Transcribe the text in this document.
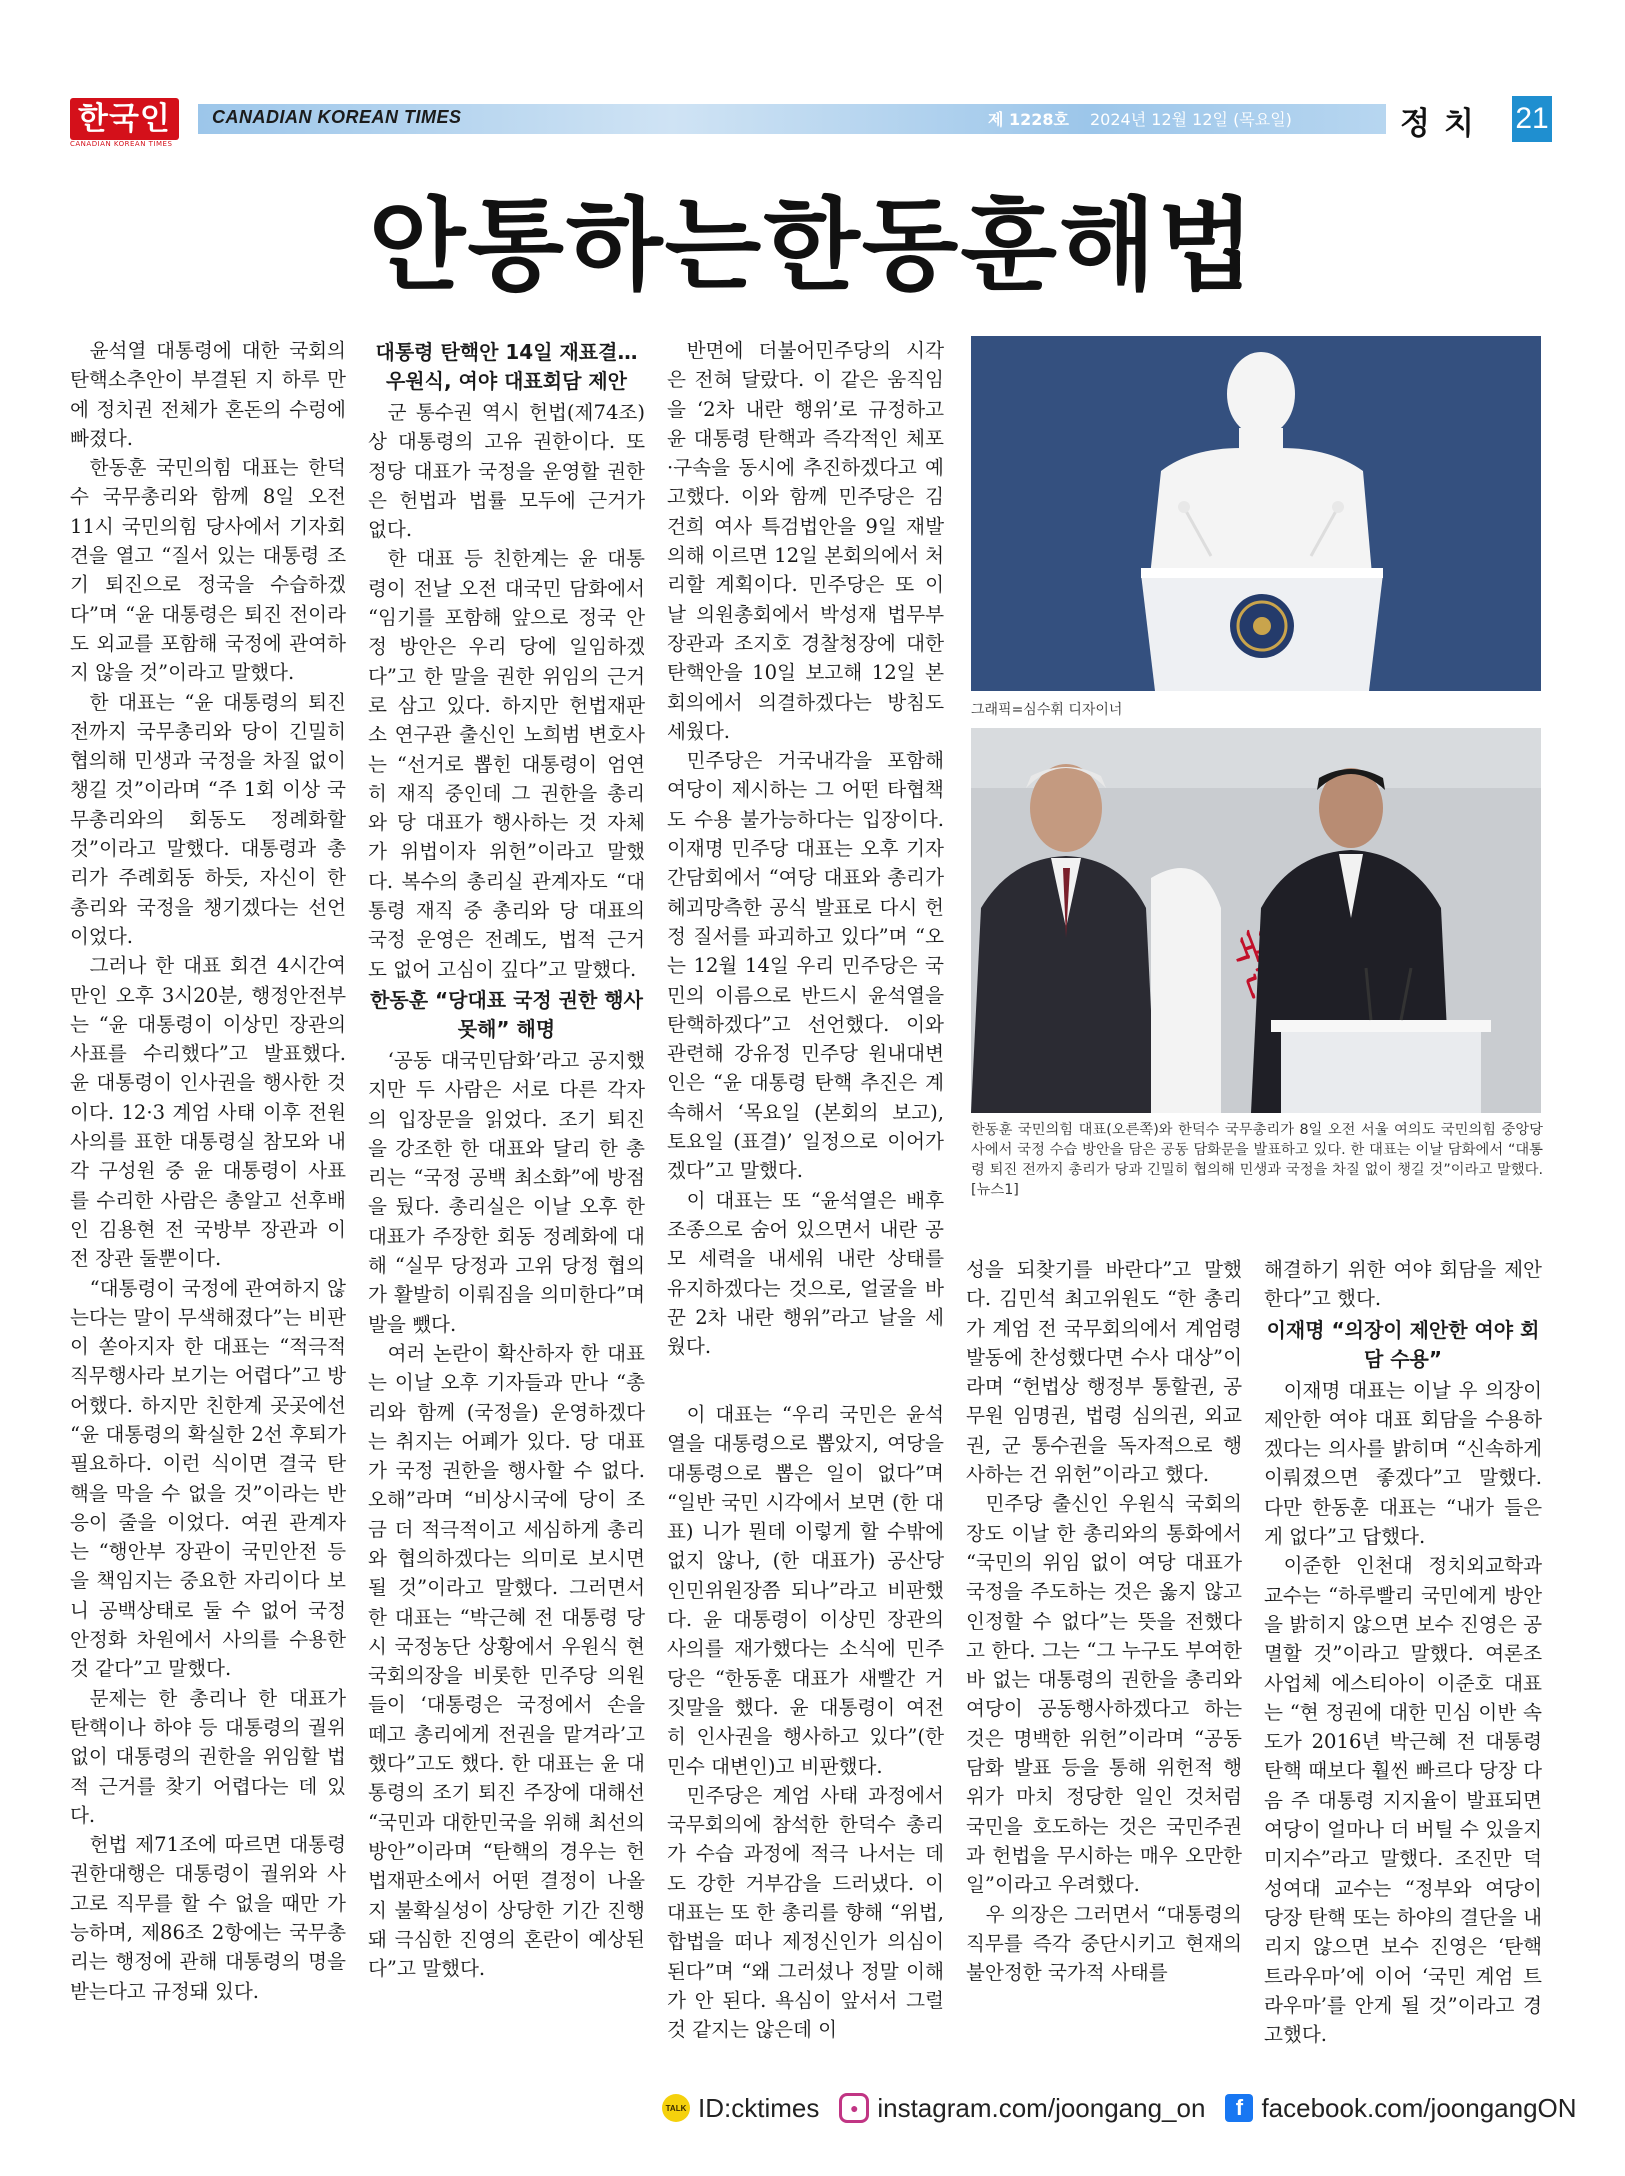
한국인
CANADIAN KOREAN TIMES
CANADIAN KOREAN TIMES	제 1228호 2024년 12월 12일 (목요일)	정치 21
안통하는한동훈해법

윤석열 대통령에 대한 국회의 탄핵소추안이 부결된 지 하루 만에 정치권 전체가 혼돈의 수렁에 빠졌다.

한동훈 국민의힘 대표는 한덕수 국무총리와 함께 8일 오전 11시 국민의힘 당사에서 기자회견을 열고 “질서 있는 대통령 조기 퇴진으로 정국을 수습하겠다”며 “윤 대통령은 퇴진 전이라도 외교를 포함해 국정에 관여하지 않을 것”이라고 말했다.

한 대표는 “윤 대통령의 퇴진 전까지 국무총리와 당이 긴밀히 협의해 민생과 국정을 차질 없이 챙길 것”이라며 “주 1회 이상 국무총리와의 회동도 정례화할 것”이라고 말했다. 대통령과 총리가 주례회동 하듯, 자신이 한 총리와 국정을 챙기겠다는 선언이었다.

그러나 한 대표 회견 4시간여 만인 오후 3시20분, 행정안전부는 “윤 대통령이 이상민 장관의 사표를 수리했다”고 발표했다. 윤 대통령이 인사권을 행사한 것이다. 12·3 계엄 사태 이후 전원 사의를 표한 대통령실 참모와 내각 구성원 중 윤 대통령이 사표를 수리한 사람은 총알고 선후배인 김용현 전 국방부 장관과 이 전 장관 둘뿐이다.

“대통령이 국정에 관여하지 않는다는 말이 무색해졌다”는 비판이 쏟아지자 한 대표는 “적극적 직무행사라 보기는 어렵다”고 방어했다. 하지만 친한계 곳곳에선 “윤 대통령의 확실한 2선 후퇴가 필요하다. 이런 식이면 결국 탄핵을 막을 수 없을 것”이라는 반응이 줄을 이었다. 여권 관계자는 “행안부 장관이 국민안전 등을 책임지는 중요한 자리이다 보니 공백상태로 둘 수 없어 국정안정화 차원에서 사의를 수용한 것 같다”고 말했다.

문제는 한 총리나 한 대표가 탄핵이나 하야 등 대통령의 궐위 없이 대통령의 권한을 위임할 법적 근거를 찾기 어렵다는 데 있다.

헌법 제71조에 따르면 대통령 권한대행은 대통령이 궐위와 사고로 직무를 할 수 없을 때만 가능하며, 제86조 2항에는 국무총리는 행정에 관해 대통령의 명을 받는다고 규정돼 있다.

대통령 탄핵안 14일 재표결… 우원식, 여야 대표회담 제안

군 통수권 역시 헌법(제74조)상 대통령의 고유 권한이다. 또 정당 대표가 국정을 운영할 권한은 헌법과 법률 모두에 근거가 없다.

한 대표 등 친한계는 윤 대통령이 전날 오전 대국민 담화에서 “임기를 포함해 앞으로 정국 안정 방안은 우리 당에 일임하겠다”고 한 말을 권한 위임의 근거로 삼고 있다. 하지만 헌법재판소 연구관 출신인 노희범 변호사는 “선거로 뽑힌 대통령이 엄연히 재직 중인데 그 권한을 총리와 당 대표가 행사하는 것 자체가 위법이자 위헌”이라고 말했다. 복수의 총리실 관계자도 “대통령 재직 중 총리와 당 대표의 국정 운영은 전례도, 법적 근거도 없어 고심이 깊다”고 말했다.

한동훈 “당대표 국정 권한 행사못해” 해명

‘공동 대국민담화’라고 공지했지만 두 사람은 서로 다른 각자의 입장문을 읽었다. 조기 퇴진을 강조한 한 대표와 달리 한 총리는 “국정 공백 최소화”에 방점을 뒀다. 총리실은 이날 오후 한 대표가 주장한 회동 정례화에 대해 “실무 당정과 고위 당정 협의가 활발히 이뤄짐을 의미한다”며 발을 뺐다.

여러 논란이 확산하자 한 대표는 이날 오후 기자들과 만나 “총리와 함께 (국정을) 운영하겠다는 취지는 어폐가 있다. 당 대표가 국정 권한을 행사할 수 없다. 오해”라며 “비상시국에 당이 조금 더 적극적이고 세심하게 총리와 협의하겠다는 의미로 보시면 될 것”이라고 말했다. 그러면서 한 대표는 “박근혜 전 대통령 당시 국정농단 상황에서 우원식 현 국회의장을 비롯한 민주당 의원들이 ‘대통령은 국정에서 손을 떼고 총리에게 전권을 맡겨라’고 했다”고도 했다. 한 대표는 윤 대통령의 조기 퇴진 주장에 대해선 “국민과 대한민국을 위해 최선의 방안”이라며 “탄핵의 경우는 헌법재판소에서 어떤 결정이 나올지 불확실성이 상당한 기간 진행돼 극심한 진영의 혼란이 예상된다”고 말했다.

반면에 더불어민주당의 시각은 전혀 달랐다. 이 같은 움직임을 ‘2차 내란 행위’로 규정하고 윤 대통령 탄핵과 즉각적인 체포·구속을 동시에 추진하겠다고 예고했다. 이와 함께 민주당은 김건희 여사 특검법안을 9일 재발의해 이르면 12일 본회의에서 처리할 계획이다. 민주당은 또 이날 의원총회에서 박성재 법무부 장관과 조지호 경찰청장에 대한 탄핵안을 10일 보고해 12일 본회의에서 의결하겠다는 방침도 세웠다.

민주당은 거국내각을 포함해 여당이 제시하는 그 어떤 타협책도 수용 불가능하다는 입장이다. 이재명 민주당 대표는 오후 기자간담회에서 “여당 대표와 총리가 헤괴망측한 공식 발표로 다시 헌정 질서를 파괴하고 있다”며 “오는 12월 14일 우리 민주당은 국민의 이름으로 반드시 윤석열을 탄핵하겠다”고 선언했다. 이와 관련해 강유정 민주당 원내대변인은 “윤 대통령 탄핵 추진은 계속해서 ‘목요일 (본회의 보고), 토요일 (표결)’ 일정으로 이어가겠다”고 말했다.

이 대표는 또 “윤석열은 배후 조종으로 숨어 있으면서 내란 공모 세력을 내세워 내란 상태를 유지하겠다는 것으로, 얼굴을 바꾼 2차 내란 행위”라고 날을 세웠다.

이 대표는 “우리 국민은 윤석열을 대통령으로 뽑았지, 여당을 대통령으로 뽑은 일이 없다”며 “일반 국민 시각에서 보면 (한 대표) 니가 뭔데 이렇게 할 수밖에 없지 않나, (한 대표가) 공산당 인민위원장쯤 되나”라고 비판했다. 윤 대통령이 이상민 장관의 사의를 재가했다는 소식에 민주당은 “한동훈 대표가 새빨간 거짓말을 했다. 윤 대통령이 여전히 인사권을 행사하고 있다”(한민수 대변인)고 비판했다.

민주당은 계엄 사태 과정에서 국무회의에 참석한 한덕수 총리가 수습 과정에 적극 나서는 데도 강한 거부감을 드러냈다. 이 대표는 또 한 총리를 향해 “위법, 합법을 떠나 제정신인가 의심이 된다”며 “왜 그러셨나 정말 이해가 안 된다. 욕심이 앞서서 그럴 것 같지는 않은데 이

성을 되찾기를 바란다”고 말했다. 김민석 최고위원도 “한 총리가 계엄 전 국무회의에서 계엄령 발동에 찬성했다면 수사 대상”이라며 “헌법상 행정부 통할권, 공무원 임명권, 법령 심의권, 외교권, 군 통수권을 독자적으로 행사하는 건 위헌”이라고 했다.

민주당 출신인 우원식 국회의장도 이날 한 총리와의 통화에서 “국민의 위임 없이 여당 대표가 국정을 주도하는 것은 옳지 않고 인정할 수 없다”는 뜻을 전했다고 한다. 그는 “그 누구도 부여한 바 없는 대통령의 권한을 총리와 여당이 공동행사하겠다고 하는 것은 명백한 위헌”이라며 “공동담화 발표 등을 통해 위헌적 행위가 마치 정당한 일인 것처럼 국민을 호도하는 것은 국민주권과 헌법을 무시하는 매우 오만한 일”이라고 우려했다.

우 의장은 그러면서 “대통령의 직무를 즉각 중단시키고 현재의 불안정한 국가적 사태를

해결하기 위한 여야 회담을 제안한다”고 했다.

이재명 “의장이 제안한 여야 회담 수용”

이재명 대표는 이날 우 의장이 제안한 여야 대표 회담을 수용하겠다는 의사를 밝히며 “신속하게 이뤄졌으면 좋겠다”고 말했다. 다만 한동훈 대표는 “내가 들은 게 없다”고 답했다.

이준한 인천대 정치외교학과 교수는 “하루빨리 국민에게 방안을 밝히지 않으면 보수 진영은 공멸할 것”이라고 말했다. 여론조사업체 에스티아이 이준호 대표는 “현 정권에 대한 민심 이반 속도가 2016년 박근혜 전 대통령 탄핵 때보다 훨씬 빠르다 당장 다음 주 대통령 지지율이 발표되면 여당이 얼마나 더 버틸 수 있을지 미지수”라고 말했다. 조진만 덕성여대 교수는 “정부와 여당이 당장 탄핵 또는 하야의 결단을 내리지 않으면 보수 진영은 ‘탄핵 트라우마’에 이어 ‘국민 계엄 트라우마’를 안게 될 것”이라고 경고했다.

그래픽=심수휘 디자이너
한동훈 국민의힘 대표(오른쪽)와 한덕수 국무총리가 8일 오전 서울 여의도 국민의힘 중앙당사에서 국정 수습 방안을 담은 공동 담화문을 발표하고 있다. 한 대표는 이날 담화에서 “대통령 퇴진 전까지 총리가 당과 긴밀히 협의해 민생과 국정을 차질 없이 챙길 것”이라고 말했다. [뉴스1]
TALK ID:cktimes	● instagram.com/joongang_on	f facebook.com/joongangON
